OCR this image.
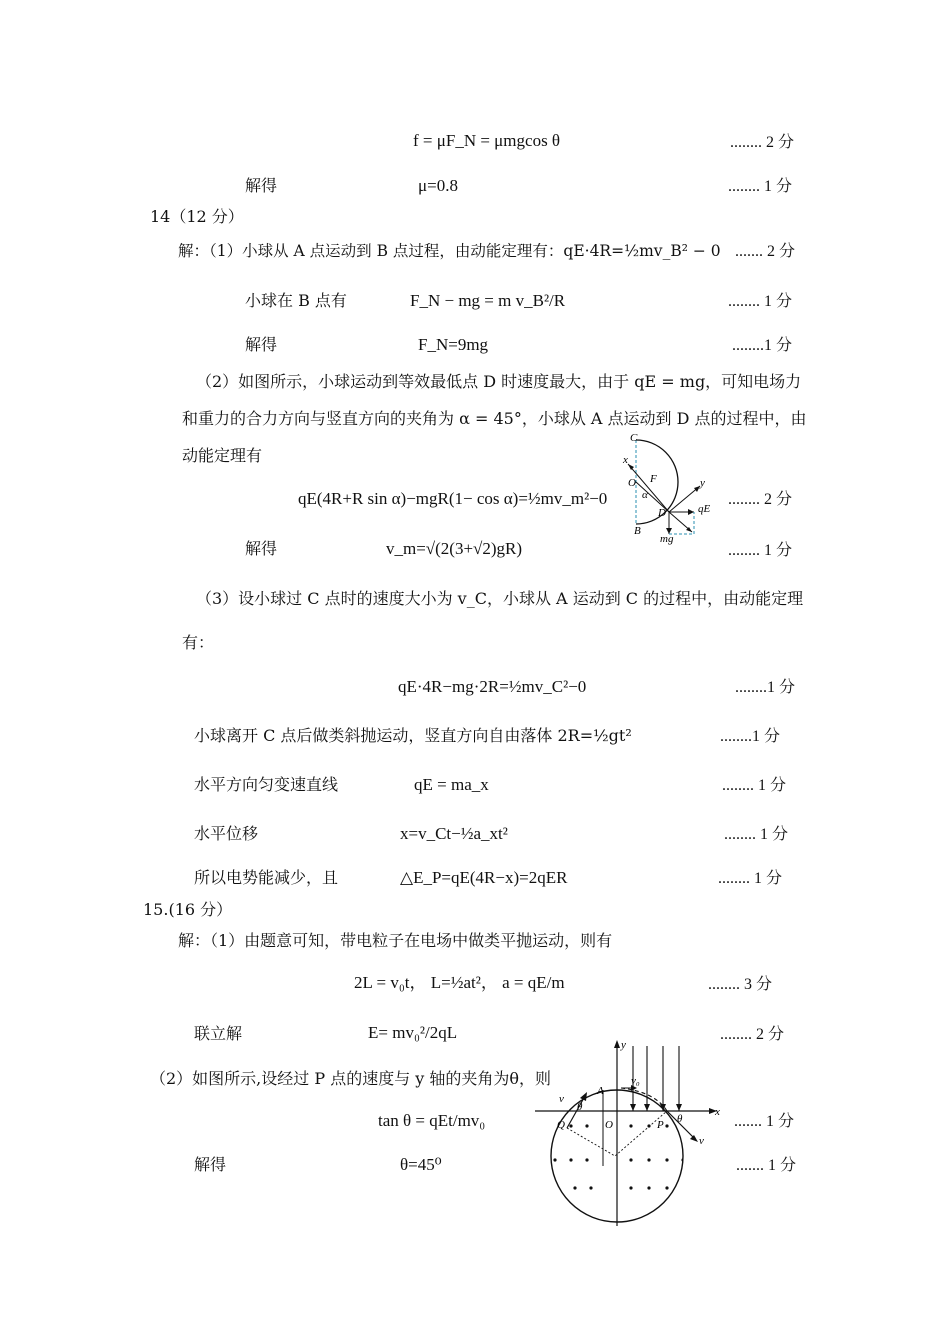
f = μF_N = μmgcos θ	........ 2 分
解得	μ=0.8	........ 1 分
14（12 分）
解：（1）小球从 A 点运动到 B 点过程，由动能定理有：qE·4R=½mv_B² − 0 ....... 2 分
小球在 B 点有	F_N − mg = m v_B²/R	........ 1 分
解得	F_N=9mg	........1 分
（2）如图所示，小球运动到等效最低点 D 时速度最大，由于 qE = mg，可知电场力
和重力的合力方向与竖直方向的夹角为 α = 45°，小球从 A 点运动到 D 点的过程中，由
动能定理有
qE(4R+R sin α)−mgR(1− cos α)=½mv_m²−0	........ 2 分
解得	v_m=√(2(3+√2)gR)	........ 1 分
C
x
O F
α
y
D	qE
B
mg
（3）设小球过 C 点时的速度大小为 v_C，小球从 A 运动到 C 的过程中，由动能定理
有：
qE·4R−mg·2R=½mv_C²−0	........1 分
小球离开 C 点后做类斜抛运动，竖直方向自由落体 2R=½gt²	........1 分
水平方向匀变速直线	qE = ma_x	........ 1 分
水平位移	x=v_Ct−½a_xt²	........ 1 分
所以电势能减少，且	△E_P=qE(4R−x)=2qER	........ 1 分
15.(16 分）
解：（1）由题意可知，带电粒子在电场中做类平抛运动，则有
2L = v₀t， L=½at²， a = qE/m	........ 3 分
联立解	E= mv₀²/2qL	........ 2 分
（2）如图所示,设经过 P 点的速度与 y 轴的夹角为θ，则
tan θ = qEt/mv₀	....... 1 分
解得	θ=45⁰	....... 1 分
y
A
v₀
v
θ
θ
x
Q	O	P
v
